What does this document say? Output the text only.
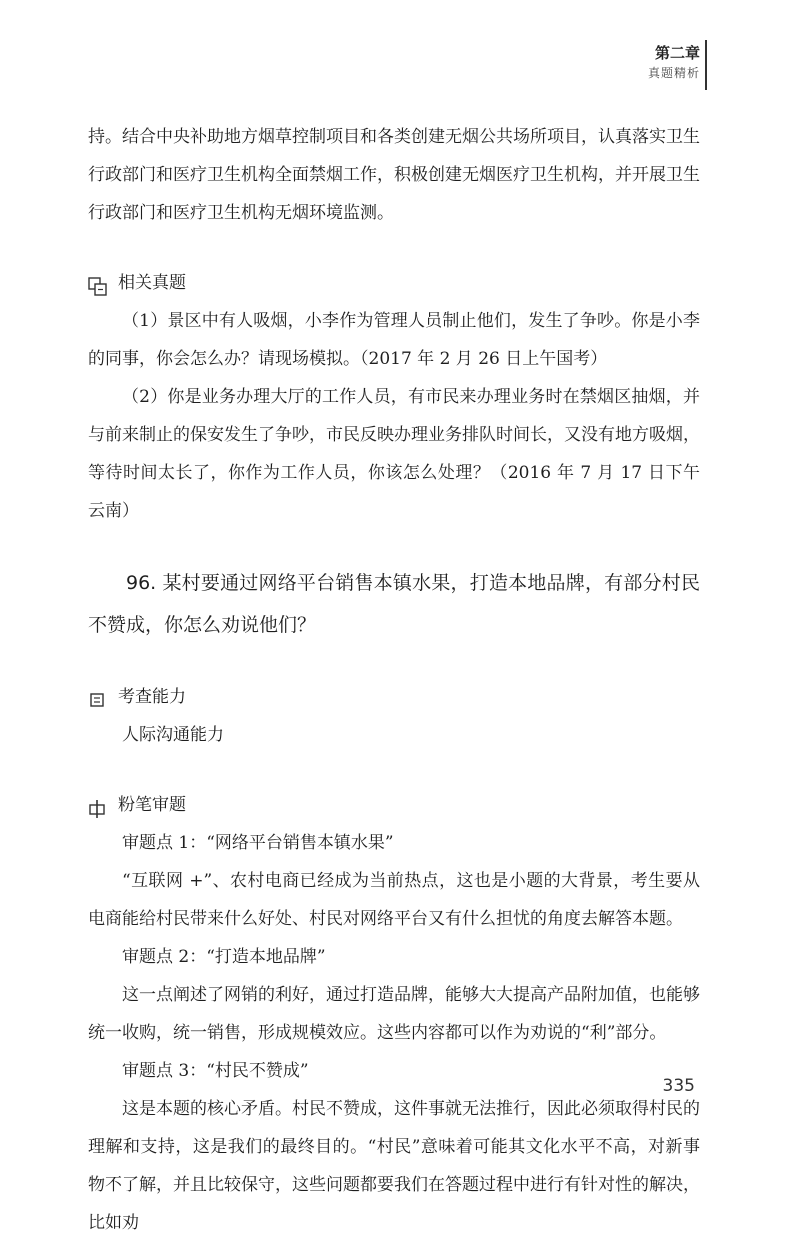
第二章
真题精析

持。结合中央补助地方烟草控制项目和各类创建无烟公共场所项目，认真落实卫生行政部门和医疗卫生机构全面禁烟工作，积极创建无烟医疗卫生机构，并开展卫生行政部门和医疗卫生机构无烟环境监测。

相关真题

（1）景区中有人吸烟，小李作为管理人员制止他们，发生了争吵。你是小李的同事，你会怎么办？请现场模拟。（2017 年 2 月 26 日上午国考）

（2）你是业务办理大厅的工作人员，有市民来办理业务时在禁烟区抽烟，并与前来制止的保安发生了争吵，市民反映办理业务排队时间长，又没有地方吸烟，等待时间太长了，你作为工作人员，你该怎么处理？（2016 年 7 月 17 日下午云南）

96. 某村要通过网络平台销售本镇水果，打造本地品牌，有部分村民不赞成，你怎么劝说他们？
考查能力

人际沟通能力

粉笔审题

审题点 1：“网络平台销售本镇水果”

“互联网 +”、农村电商已经成为当前热点，这也是小题的大背景，考生要从电商能给村民带来什么好处、村民对网络平台又有什么担忧的角度去解答本题。

审题点 2：“打造本地品牌”

这一点阐述了网销的利好，通过打造品牌，能够大大提高产品附加值，也能够统一收购，统一销售，形成规模效应。这些内容都可以作为劝说的“利”部分。

审题点 3：“村民不赞成”

这是本题的核心矛盾。村民不赞成，这件事就无法推行，因此必须取得村民的理解和支持，这是我们的最终目的。“村民”意味着可能其文化水平不高，对新事物不了解，并且比较保守，这些问题都要我们在答题过程中进行有针对性的解决，比如劝

335
